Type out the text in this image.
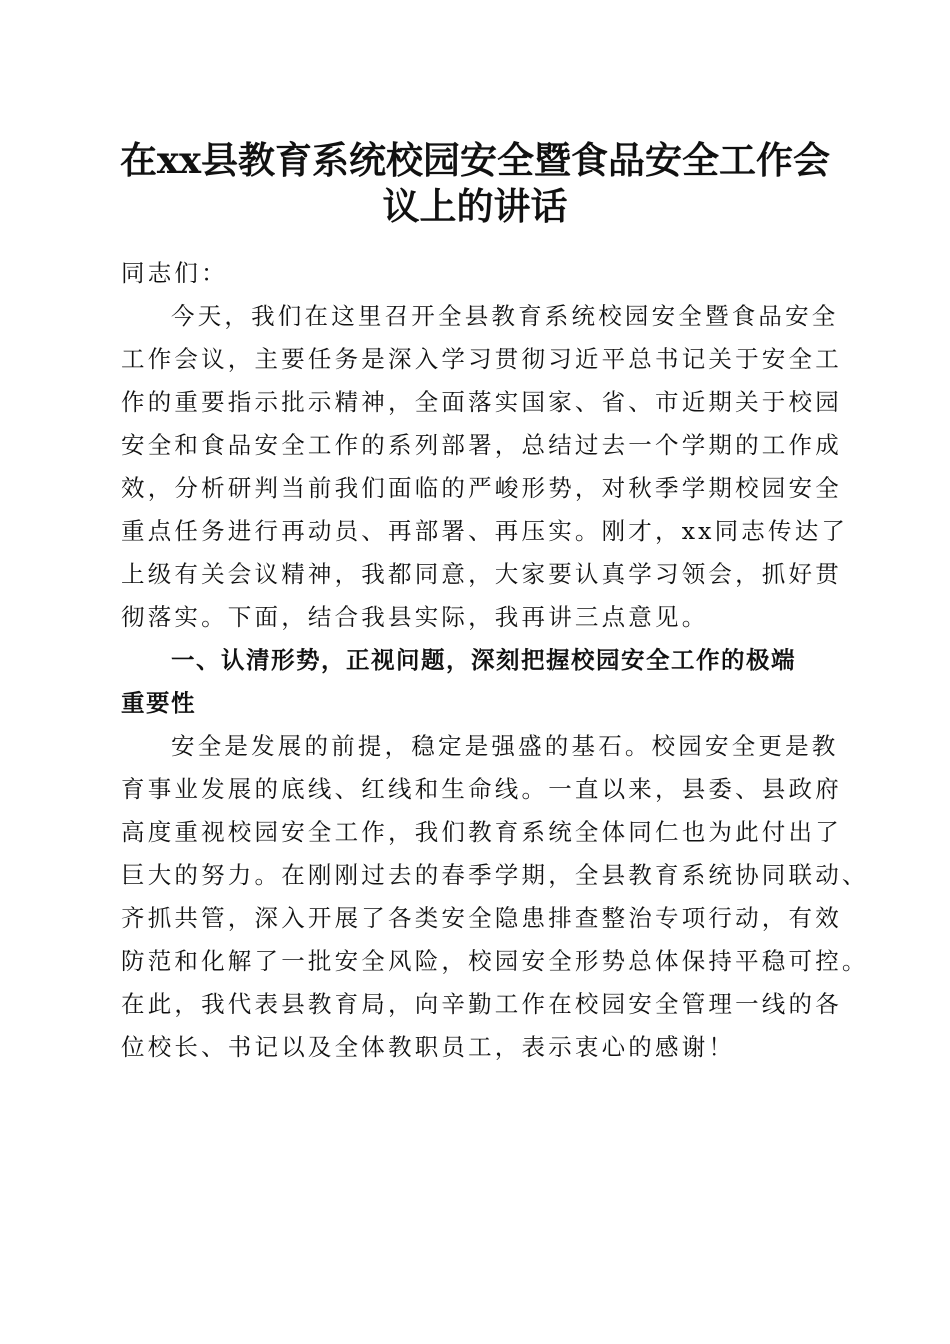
在xx县教育系统校园安全暨食品安全工作会
议上的讲话
同志们：
今天，我们在这里召开全县教育系统校园安全暨食品安全
工作会议，主要任务是深入学习贯彻习近平总书记关于安全工
作的重要指示批示精神，全面落实国家、省、市近期关于校园
安全和食品安全工作的系列部署，总结过去一个学期的工作成
效，分析研判当前我们面临的严峻形势，对秋季学期校园安全
重点任务进行再动员、再部署、再压实。刚才，xx同志传达了
上级有关会议精神，我都同意，大家要认真学习领会，抓好贯
彻落实。下面，结合我县实际，我再讲三点意见。
一、认清形势，正视问题，深刻把握校园安全工作的极端
重要性
安全是发展的前提，稳定是强盛的基石。校园安全更是教
育事业发展的底线、红线和生命线。一直以来，县委、县政府
高度重视校园安全工作，我们教育系统全体同仁也为此付出了
巨大的努力。在刚刚过去的春季学期，全县教育系统协同联动、
齐抓共管，深入开展了各类安全隐患排查整治专项行动，有效
防范和化解了一批安全风险，校园安全形势总体保持平稳可控。
在此，我代表县教育局，向辛勤工作在校园安全管理一线的各
位校长、书记以及全体教职员工，表示衷心的感谢！
